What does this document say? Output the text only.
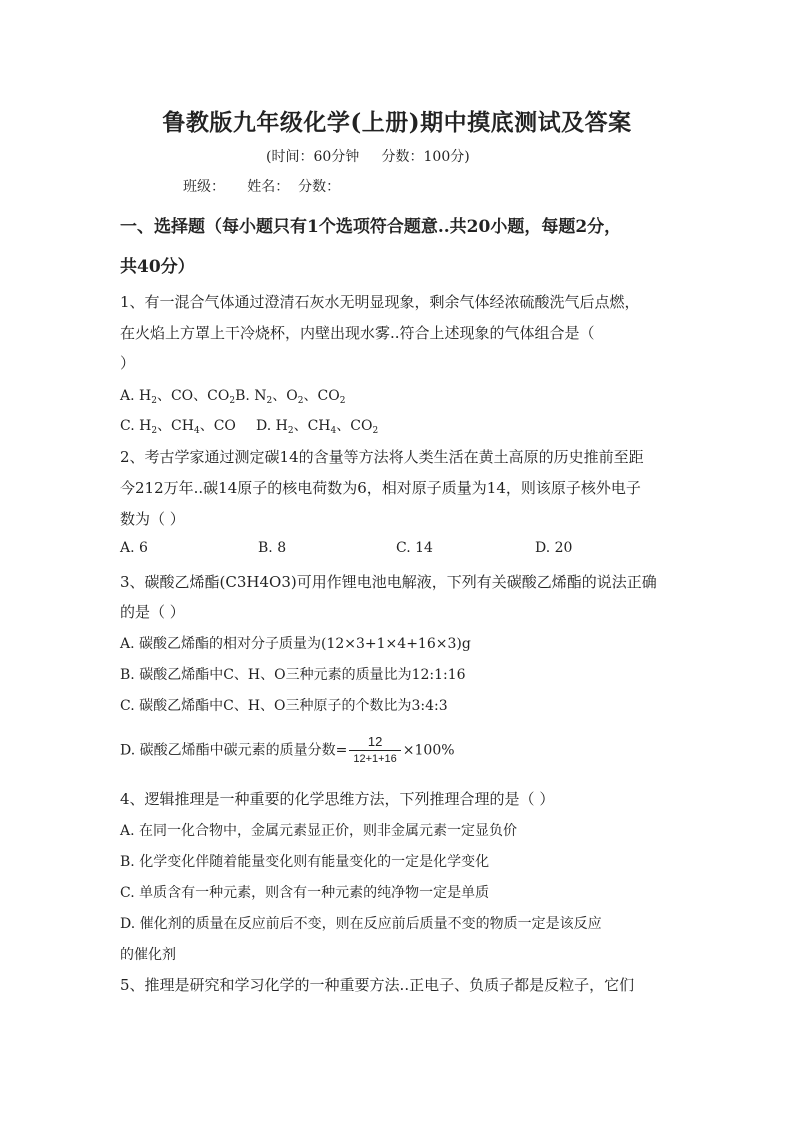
鲁教版九年级化学(上册)期中摸底测试及答案
(时间：60分钟     分数：100分)
班级：     姓名：  分数：
一、选择题（每小题只有1个选项符合题意..共20小题，每题2分，
共40分）
1、有一混合气体通过澄清石灰水无明显现象，剩余气体经浓硫酸洗气后点燃，
在火焰上方罩上干冷烧杯，内壁出现水雾..符合上述现象的气体组合是（
）
A. $H_2$、CO、$CO_2B$. $N_2$、$O_2$、$CO_2$
C. $H_2$、$CH_4$、CO D. $H_2$、$CH_4$、$CO_2$
2、考古学家通过测定碳14的含量等方法将人类生活在黄土高原的历史推前至距
今212万年..碳14原子的核电荷数为6，相对原子质量为14，则该原子核外电子
数为（ ）
A. 6	B. 8	C. 14	D. 20
3、碳酸乙烯酯(C3H4O3)可用作锂电池电解液，下列有关碳酸乙烯酯的说法正确
的是（ ）
A. 碳酸乙烯酯的相对分子质量为(12×3+1×4+16×3)g
B. 碳酸乙烯酯中C、H、O三种元素的质量比为12:1:16
C. 碳酸乙烯酯中C、H、O三种原子的个数比为3:4:3
D. 碳酸乙烯酯中碳元素的质量分数= $\frac{12}{12+1+16} \times 100\%$
4、逻辑推理是一种重要的化学思维方法，下列推理合理的是（ ）
A. 在同一化合物中，金属元素显正价，则非金属元素一定显负价
B. 化学变化伴随着能量变化则有能量变化的一定是化学变化
C. 单质含有一种元素，则含有一种元素的纯净物一定是单质
D. 催化剂的质量在反应前后不变，则在反应前后质量不变的物质一定是该反应
的催化剂
5、推理是研究和学习化学的一种重要方法..正电子、负质子都是反粒子，它们
